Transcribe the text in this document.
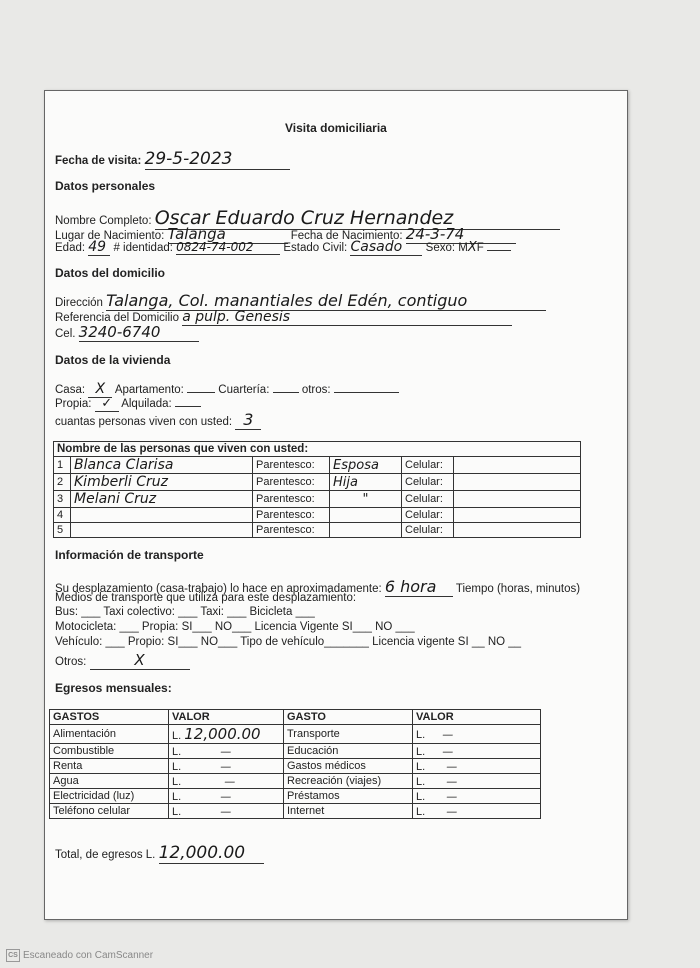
Visita domiciliaria
Fecha de visita: 29-5-2023
Datos personales
Nombre Completo: Oscar Eduardo Cruz Hernandez
Lugar de Nacimiento: Talanga	Fecha de Nacimiento: 24-3-74
Edad: 49 # identidad: 0824-74-002	Estado Civil: Casado Sexo: MXF
Datos del domicilio
Dirección Talanga, Col. manantiales del Edén, contiguo
Referencia del Domicilio a pulp. Genesis
Cel. 3240-6740
Datos de la vivienda
Casa: X Apartamento:	Cuartería:	otros:
Propia: ✓ Alquilada:
cuantas personas viven con usted: 3
Nombre de las personas que viven con usted:					
1	Blanca Clarisa	Parentesco:	Esposa	Celular:	
2	Kimberli Cruz	Parentesco:	Hija	Celular:	
3	Melani Cruz	Parentesco:	"	Celular:	
4		Parentesco:		Celular:	
5		Parentesco:		Celular:	
Información de transporte
Su desplazamiento (casa-trabajo) lo hace en aproximadamente: 6 hora Tiempo (horas, minutos)
Medios de transporte que utiliza para este desplazamiento:
Bus: ___ Taxi colectivo: ___ Taxi: ___ Bicicleta ___
Motocicleta: ___ Propia: SI___ NO___ Licencia Vigente SI___ NO ___
Vehículo: ___ Propio: SI___ NO___ Tipo de vehículo_______ Licencia vigente SI __ NO __
Otros:	X
Egresos mensuales:
GASTOS	VALOR	GASTO	VALOR
Alimentación	L. 12,000.00	Transporte	L. —
Combustible	L. —	Educación	L. —
Renta	L. —	Gastos médicos	L. —
Agua	L. —	Recreación (viajes)	L. —
Electricidad (luz)	L. —	Préstamos	L. —
Teléfono celular	L. —	Internet	L. —
Total, de egresos L. 12,000.00
CS Escaneado con CamScanner
